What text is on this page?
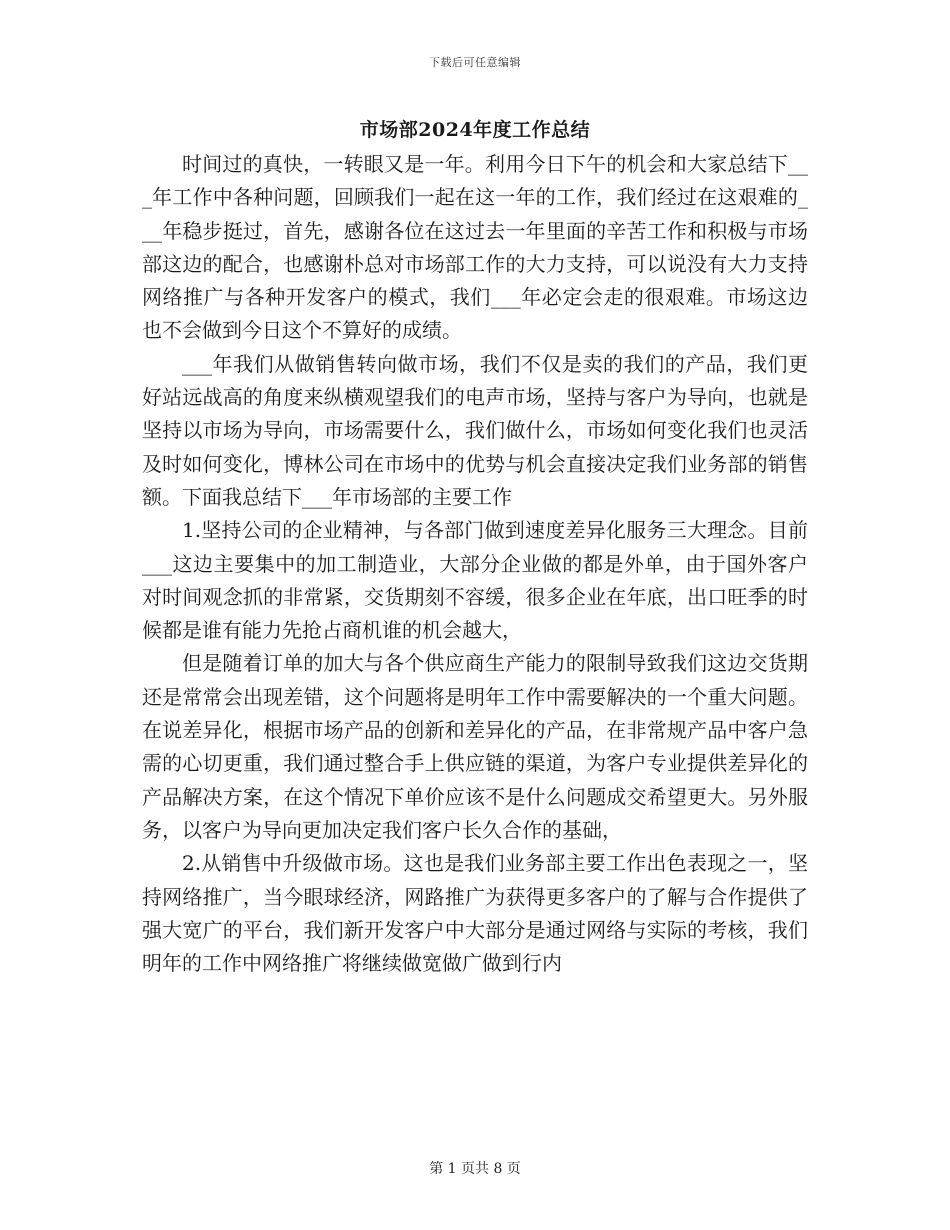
下载后可任意编辑
市场部2024年度工作总结

时间过的真快，一转眼又是一年。利用今日下午的机会和大家总结下___年工作中各种问题，回顾我们一起在这一年的工作，我们经过在这艰难的___年稳步挺过，首先，感谢各位在这过去一年里面的辛苦工作和积极与市场部这边的配合，也感谢朴总对市场部工作的大力支持，可以说没有大力支持网络推广与各种开发客户的模式，我们___年必定会走的很艰难。市场这边也不会做到今日这个不算好的成绩。

___年我们从做销售转向做市场，我们不仅是卖的我们的产品，我们更好站远战高的角度来纵横观望我们的电声市场，坚持与客户为导向，也就是坚持以市场为导向，市场需要什么，我们做什么，市场如何变化我们也灵活及时如何变化，博林公司在市场中的优势与机会直接决定我们业务部的销售额。下面我总结下___年市场部的主要工作

1.坚持公司的企业精神，与各部门做到速度差异化服务三大理念。目前___这边主要集中的加工制造业，大部分企业做的都是外单，由于国外客户对时间观念抓的非常紧，交货期刻不容缓，很多企业在年底，出口旺季的时候都是谁有能力先抢占商机谁的机会越大，

但是随着订单的加大与各个供应商生产能力的限制导致我们这边交货期还是常常会出现差错，这个问题将是明年工作中需要解决的一个重大问题。在说差异化，根据市场产品的创新和差异化的产品，在非常规产品中客户急需的心切更重，我们通过整合手上供应链的渠道，为客户专业提供差异化的产品解决方案，在这个情况下单价应该不是什么问题成交希望更大。另外服务，以客户为导向更加决定我们客户长久合作的基础，

2.从销售中升级做市场。这也是我们业务部主要工作出色表现之一，坚持网络推广，当今眼球经济，网路推广为获得更多客户的了解与合作提供了强大宽广的平台，我们新开发客户中大部分是通过网络与实际的考核，我们明年的工作中网络推广将继续做宽做广做到行内

第 1 页共 8 页
